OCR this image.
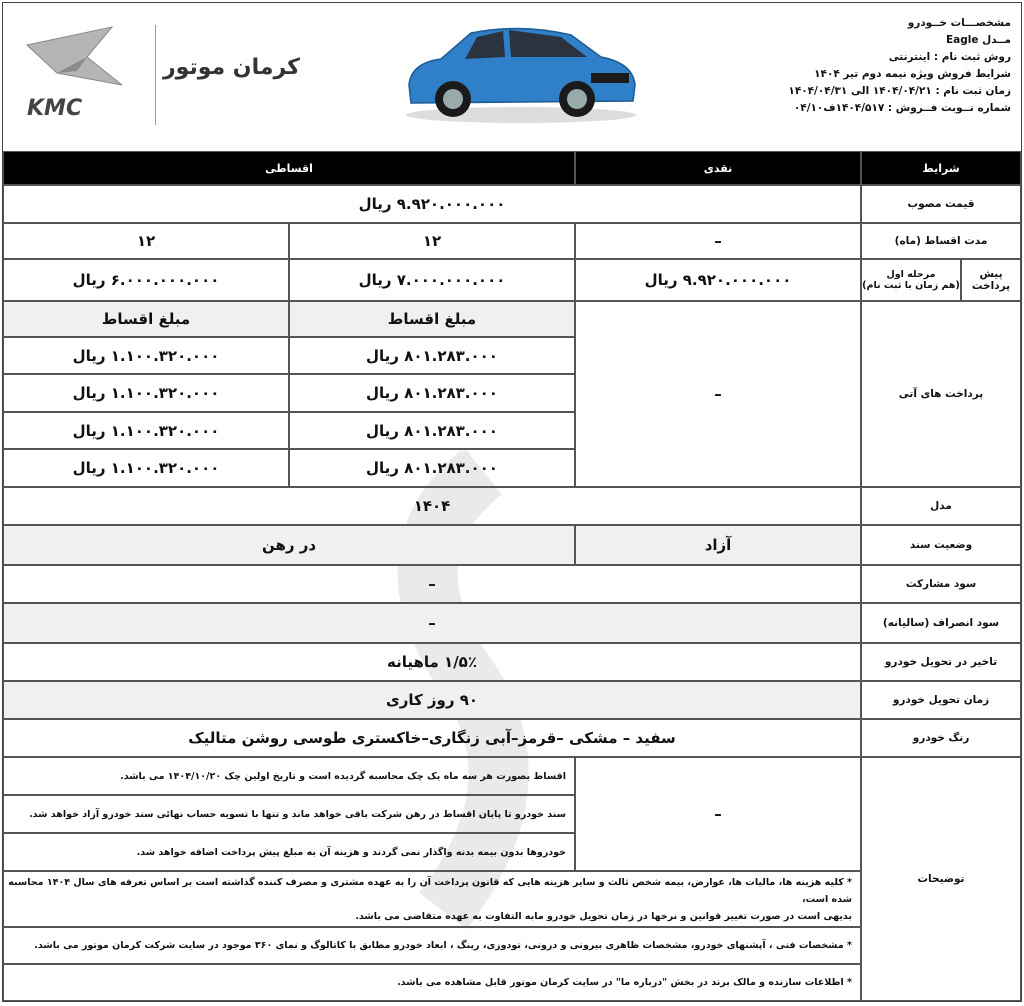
KMC
کرمان موتور
مشخصـــات خــودرو
مــدل Eagle
روش ثبت نام : اینترنتی
شرایط فروش ویژه نیمه دوم تیر ۱۴۰۴
زمان ثبت نام : ۱۴۰۴/۰۴/۲۱ الی ۱۴۰۴/۰۴/۳۱
شماره نــوبت فــروش : ۱۴۰۴/۵۱۷ف۰۴/۱۰
شرایط
نقدی
اقساطی
قیمت مصوب
۹.۹۲۰.۰۰۰.۰۰۰ ریال
مدت اقساط (ماه)
–
۱۲
۱۲
پیش پرداخت
مرحله اول
(هم زمان با ثبت نام)
۹.۹۲۰.۰۰۰.۰۰۰ ریال
۷.۰۰۰.۰۰۰.۰۰۰ ریال
۶.۰۰۰.۰۰۰.۰۰۰ ریال
پرداخت های آتی
–
مبلغ اقساط
مبلغ اقساط
۸۰۱.۲۸۳.۰۰۰ ریال
۱.۱۰۰.۳۲۰.۰۰۰ ریال
۸۰۱.۲۸۳.۰۰۰ ریال
۱.۱۰۰.۳۲۰.۰۰۰ ریال
۸۰۱.۲۸۳.۰۰۰ ریال
۱.۱۰۰.۳۲۰.۰۰۰ ریال
۸۰۱.۲۸۳.۰۰۰ ریال
۱.۱۰۰.۳۲۰.۰۰۰ ریال
مدل
۱۴۰۴
وضعیت سند
آزاد
در رهن
سود مشارکت
–
سود انصراف (سالیانه)
–
تاخیر در تحویل خودرو
۱/۵٪ ماهیانه
زمان تحویل خودرو
۹۰ روز کاری
رنگ خودرو
سفید – مشکی –قرمز–آبی زنگاری–خاکستری طوسی روشن متالیک
توضیحات
–
اقساط بصورت هر سه ماه یک چک محاسبه گردیده است و تاریخ اولین چک ۱۴۰۴/۱۰/۲۰ می باشد.
سند خودرو تا پایان اقساط در رهن شرکت باقی خواهد ماند و تنها با تسویه حساب نهائی سند خودرو آزاد خواهد شد.
خودروها بدون بیمه بدنه واگذار نمی گردند و هزینه آن به مبلغ پیش پرداخت اضافه خواهد شد.
* کلیه هزینه ها، مالیات ها، عوارض، بیمه شخص ثالث و سایر هزینه هایی که قانون پرداخت آن را به عهده مشتری و مصرف کننده گذاشته است بر اساس تعرفه های سال ۱۴۰۴ محاسبه شده است،
بدیهی است در صورت تغییر قوانین و نرخها در زمان تحویل خودرو مابه التفاوت به عهده متقاضی می باشد.
* مشخصات فنی ، آپشنهای خودرو، مشخصات ظاهری بیرونی و درونی، تودوزی، رینگ ، ابعاد خودرو مطابق با کاتالوگ و نمای ۳۶۰ موجود در سایت شرکت کرمان موتور می باشد.
* اطلاعات سازنده و مالک برند در بخش "درباره ما" در سایت کرمان موتور قابل مشاهده می باشد.
